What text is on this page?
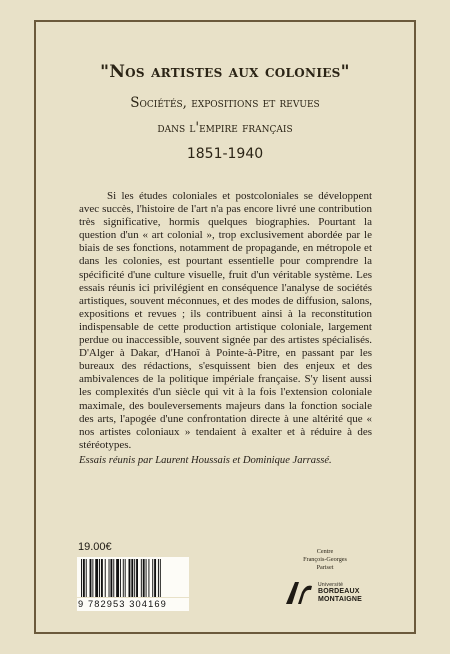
"Nos artistes aux colonies"
Sociétés, expositions et revues
dans l'empire français
1851-1940

Si les études coloniales et postcoloniales se développent avec succès, l'histoire de l'art n'a pas encore livré une contribution très significative, hormis quelques biographies. Pourtant la question d'un « art colonial », trop exclusivement abordée par le biais de ses fonctions, notamment de propagande, en métropole et dans les colonies, est pourtant essentielle pour comprendre la spécificité d'une culture visuelle, fruit d'un véritable système. Les essais réunis ici privilégient en conséquence l'analyse de sociétés artistiques, souvent méconnues, et des modes de diffusion, salons, expositions et revues ; ils contribuent ainsi à la reconstitution indispensable de cette production artistique coloniale, largement perdue ou inaccessible, souvent signée par des artistes spécialisés. D'Alger à Dakar, d'Hanoï à Pointe-à-Pitre, en passant par les bureaux des rédactions, s'esquissent bien des enjeux et des ambivalences de la politique impériale française. S'y lisent aussi les complexités d'un siècle qui vit à la fois l'extension coloniale maximale, des bouleversements majeurs dans la fonction sociale des arts, l'apogée d'une confrontation directe à une altérité que « nos artistes coloniaux » tendaient à exalter et à réduire à des stéréotypes.

Essais réunis par Laurent Houssais et Dominique Jarrassé.
19.00€
9 782953 304169
Centre
François-Georges
Pariset
Université
BORDEAUX
MONTAIGNE
